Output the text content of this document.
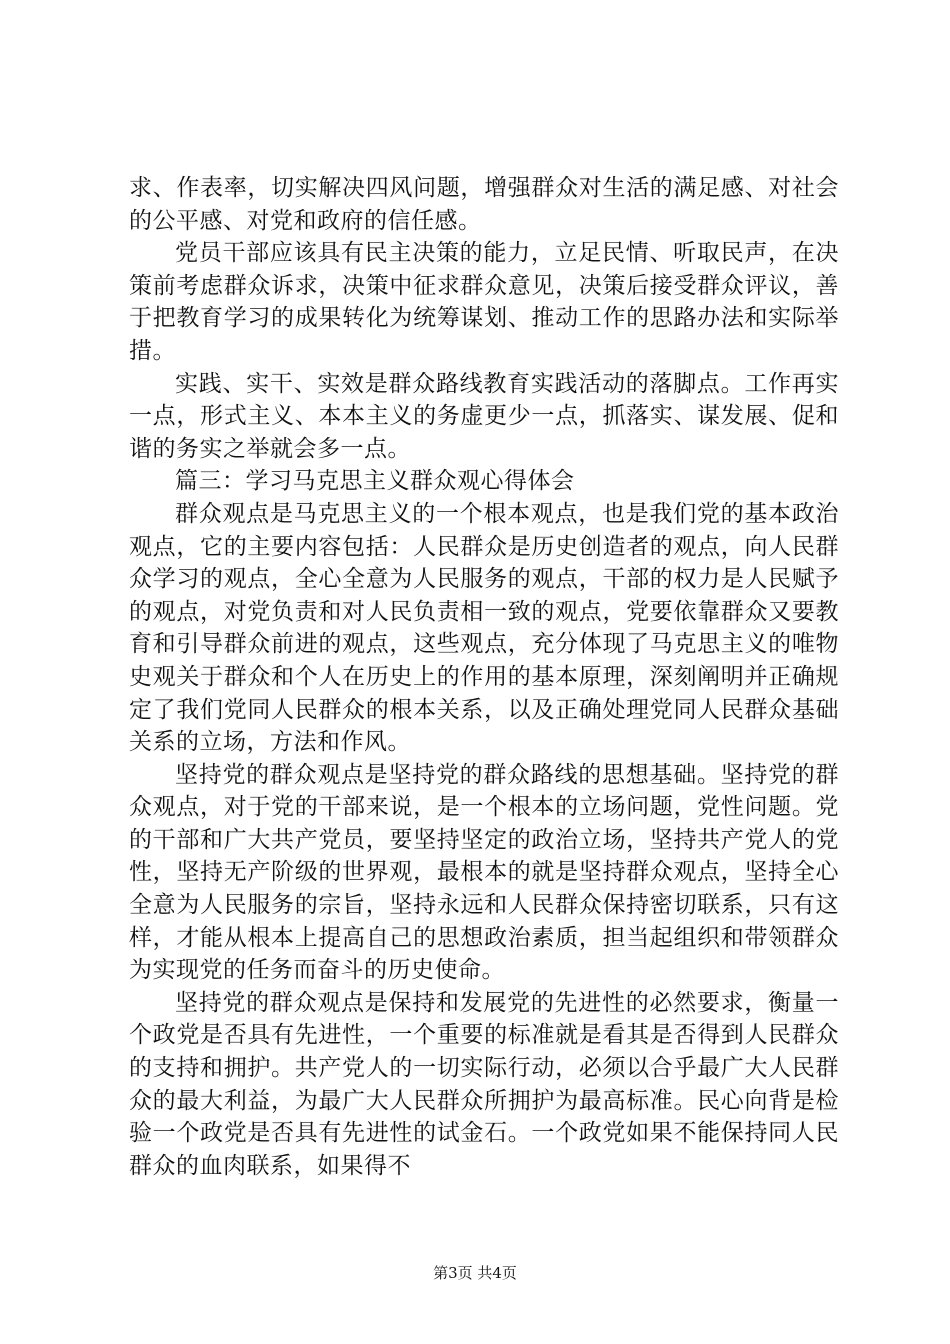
求、作表率，切实解决四风问题，增强群众对生活的满足感、对社会的公平感、对党和政府的信任感。

党员干部应该具有民主决策的能力，立足民情、听取民声，在决策前考虑群众诉求，决策中征求群众意见，决策后接受群众评议，善于把教育学习的成果转化为统筹谋划、推动工作的思路办法和实际举措。

实践、实干、实效是群众路线教育实践活动的落脚点。工作再实一点，形式主义、本本主义的务虚更少一点，抓落实、谋发展、促和谐的务实之举就会多一点。

篇三：学习马克思主义群众观心得体会

群众观点是马克思主义的一个根本观点，也是我们党的基本政治观点，它的主要内容包括：人民群众是历史创造者的观点，向人民群众学习的观点，全心全意为人民服务的观点，干部的权力是人民赋予的观点，对党负责和对人民负责相一致的观点，党要依靠群众又要教育和引导群众前进的观点，这些观点，充分体现了马克思主义的唯物史观关于群众和个人在历史上的作用的基本原理，深刻阐明并正确规定了我们党同人民群众的根本关系，以及正确处理党同人民群众基础关系的立场，方法和作风。

坚持党的群众观点是坚持党的群众路线的思想基础。坚持党的群众观点，对于党的干部来说，是一个根本的立场问题，党性问题。党的干部和广大共产党员，要坚持坚定的政治立场，坚持共产党人的党性，坚持无产阶级的世界观，最根本的就是坚持群众观点，坚持全心全意为人民服务的宗旨，坚持永远和人民群众保持密切联系，只有这样，才能从根本上提高自己的思想政治素质，担当起组织和带领群众为实现党的任务而奋斗的历史使命。

坚持党的群众观点是保持和发展党的先进性的必然要求，衡量一个政党是否具有先进性，一个重要的标准就是看其是否得到人民群众的支持和拥护。共产党人的一切实际行动，必须以合乎最广大人民群众的最大利益，为最广大人民群众所拥护为最高标准。民心向背是检验一个政党是否具有先进性的试金石。一个政党如果不能保持同人民群众的血肉联系，如果得不

第3页 共4页
